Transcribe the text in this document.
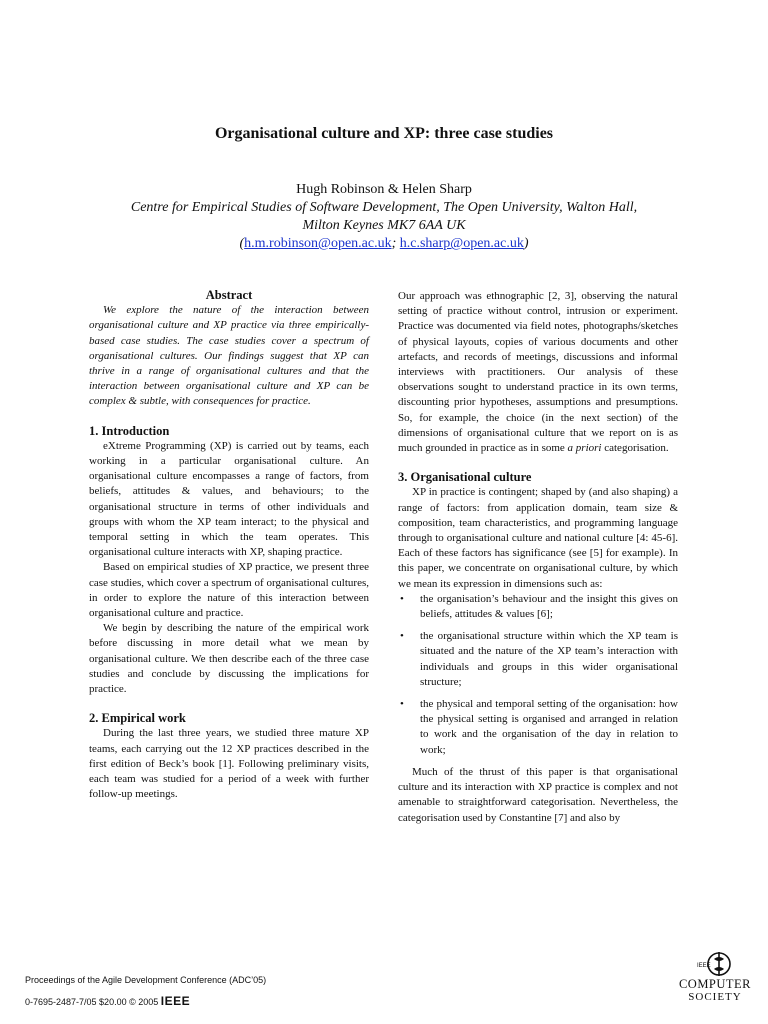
Organisational culture and XP: three case studies
Hugh Robinson & Helen Sharp
Centre for Empirical Studies of Software Development, The Open University, Walton Hall,
Milton Keynes MK7 6AA UK
(h.m.robinson@open.ac.uk; h.c.sharp@open.ac.uk)

Abstract

We explore the nature of the interaction between organisational culture and XP practice via three empirically-based case studies. The case studies cover a spectrum of organisational cultures. Our findings suggest that XP can thrive in a range of organisational cultures and that the interaction between organisational culture and XP can be complex & subtle, with consequences for practice.

1. Introduction

eXtreme Programming (XP) is carried out by teams, each working in a particular organisational culture. An organisational culture encompasses a range of factors, from beliefs, attitudes & values, and behaviours; to the organisational structure in terms of other individuals and groups with whom the XP team interact; to the physical and temporal setting in which the team operates. This organisational culture interacts with XP, shaping practice.

Based on empirical studies of XP practice, we present three case studies, which cover a spectrum of organisational cultures, in order to explore the nature of this interaction between organisational culture and practice.

We begin by describing the nature of the empirical work before discussing in more detail what we mean by organisational culture. We then describe each of the three case studies and conclude by discussing the implications for practice.

2. Empirical work

During the last three years, we studied three mature XP teams, each carrying out the 12 XP practices described in the first edition of Beck’s book [1]. Following preliminary visits, each team was studied for a period of a week with further follow-up meetings.

Our approach was ethnographic [2, 3], observing the natural setting of practice without control, intrusion or experiment. Practice was documented via field notes, photographs/sketches of physical layouts, copies of various documents and other artefacts, and records of meetings, discussions and informal interviews with practitioners. Our analysis of these observations sought to understand practice in its own terms, discounting prior hypotheses, assumptions and presumptions. So, for example, the choice (in the next section) of the dimensions of organisational culture that we report on is as much grounded in practice as in some a priori categorisation.

3. Organisational culture

XP in practice is contingent; shaped by (and also shaping) a range of factors: from application domain, team size & composition, team characteristics, and programming language through to organisational culture and national culture [4: 45-6]. Each of these factors has significance (see [5] for example). In this paper, we concentrate on organisational culture, by which we mean its expression in dimensions such as:

• the organisation’s behaviour and the insight this gives on beliefs, attitudes & values [6];
• the organisational structure within which the XP team is situated and the nature of the XP team’s interaction with individuals and groups in this wider organisational structure;
• the physical and temporal setting of the organisation: how the physical setting is organised and arranged in relation to work and the organisation of the day in relation to work;

Much of the thrust of this paper is that organisational culture and its interaction with XP practice is complex and not amenable to straightforward categorisation. Nevertheless, the categorisation used by Constantine [7] and also by

Proceedings of the Agile Development Conference (ADC’05)
0-7695-2487-7/05 $20.00 © 2005 IEEE
IEEE
COMPUTER
SOCIETY
